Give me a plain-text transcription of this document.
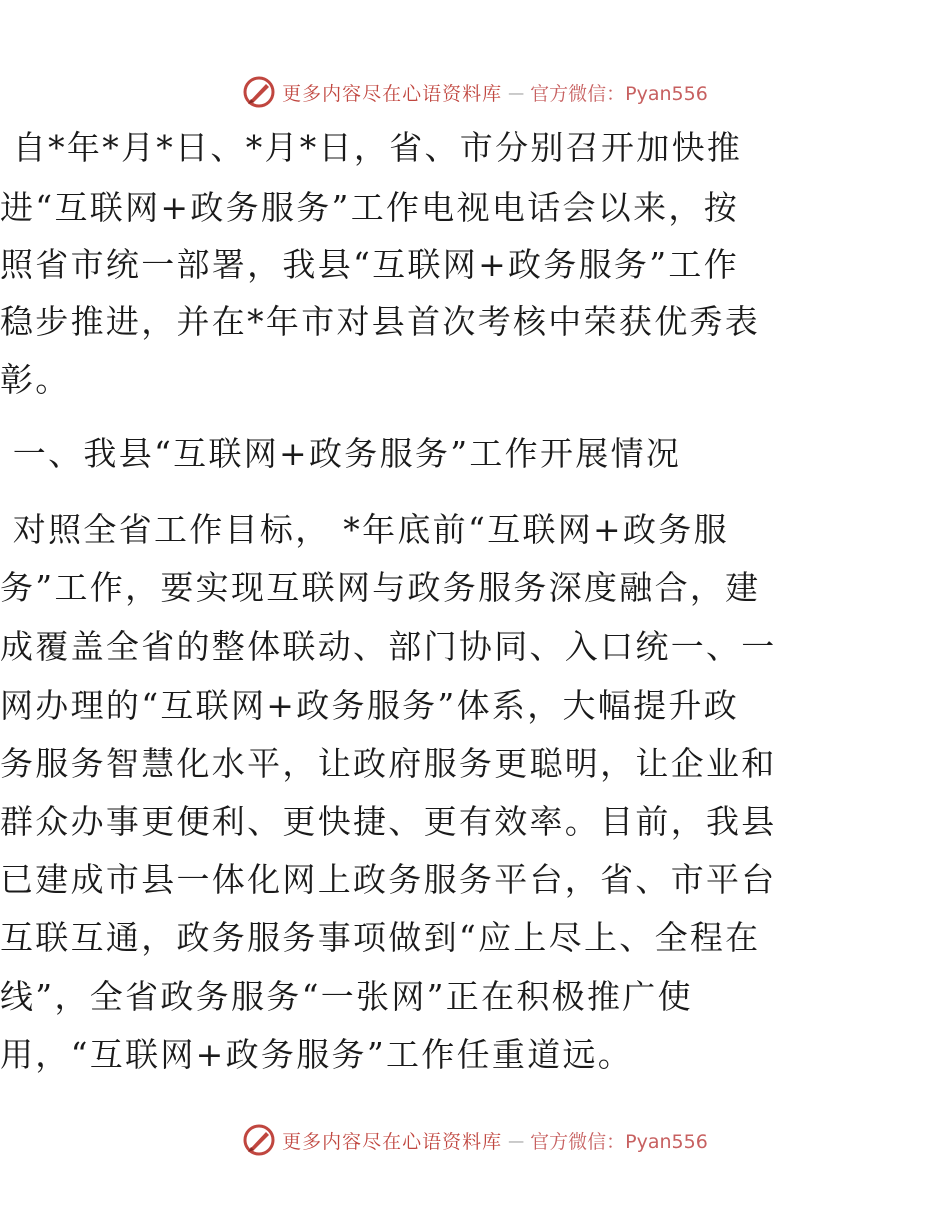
更多内容尽在心语资料库 — 官方微信：Pyan556
自*年*月*日、*月*日，省、市分别召开加快推
进“互联网+政务服务”工作电视电话会以来，按
照省市统一部署，我县“互联网+政务服务”工作
稳步推进，并在*年市对县首次考核中荣获优秀表
彰。
一、我县“互联网+政务服务”工作开展情况
对照全省工作目标， *年底前“互联网+政务服
务”工作，要实现互联网与政务服务深度融合，建
成覆盖全省的整体联动、部门协同、入口统一、一
网办理的“互联网+政务服务”体系，大幅提升政
务服务智慧化水平，让政府服务更聪明，让企业和
群众办事更便利、更快捷、更有效率。目前，我县
已建成市县一体化网上政务服务平台，省、市平台
互联互通，政务服务事项做到“应上尽上、全程在
线”，全省政务服务“一张网”正在积极推广使
用，“互联网+政务服务”工作任重道远。
更多内容尽在心语资料库 — 官方微信：Pyan556
